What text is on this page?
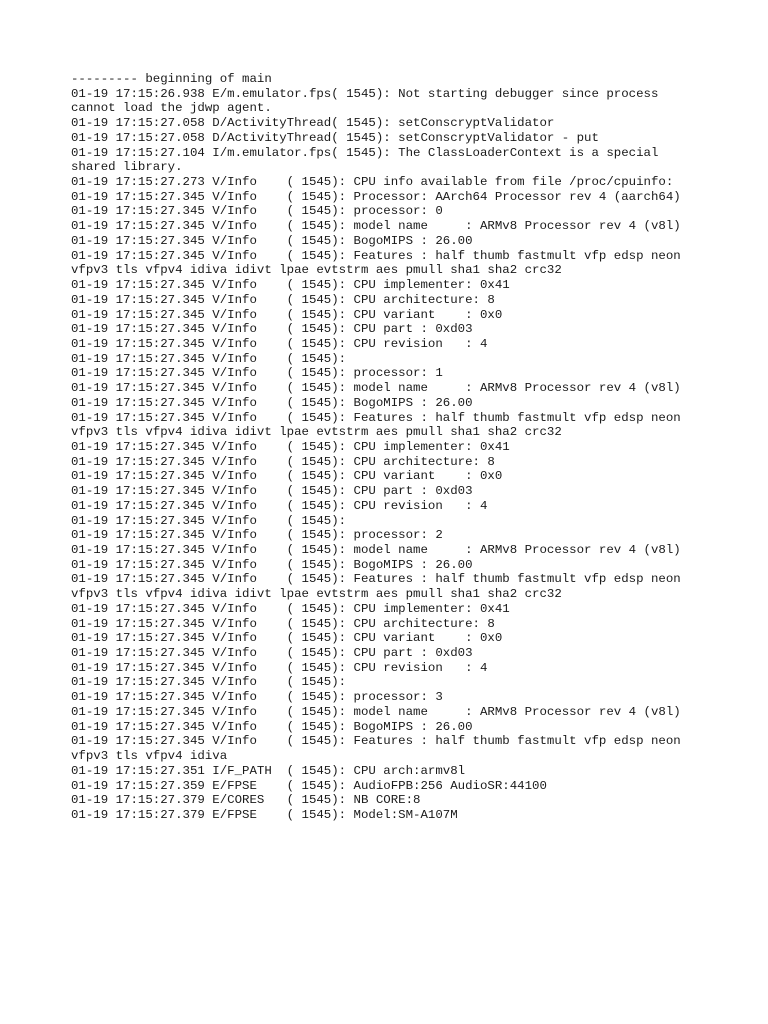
--------- beginning of main
01-19 17:15:26.938 E/m.emulator.fps( 1545): Not starting debugger since process
cannot load the jdwp agent.
01-19 17:15:27.058 D/ActivityThread( 1545): setConscryptValidator
01-19 17:15:27.058 D/ActivityThread( 1545): setConscryptValidator - put
01-19 17:15:27.104 I/m.emulator.fps( 1545): The ClassLoaderContext is a special
shared library.
01-19 17:15:27.273 V/Info    ( 1545): CPU info available from file /proc/cpuinfo:
01-19 17:15:27.345 V/Info    ( 1545): Processor: AArch64 Processor rev 4 (aarch64)
01-19 17:15:27.345 V/Info    ( 1545): processor: 0
01-19 17:15:27.345 V/Info    ( 1545): model name     : ARMv8 Processor rev 4 (v8l)
01-19 17:15:27.345 V/Info    ( 1545): BogoMIPS : 26.00
01-19 17:15:27.345 V/Info    ( 1545): Features : half thumb fastmult vfp edsp neon
vfpv3 tls vfpv4 idiva idivt lpae evtstrm aes pmull sha1 sha2 crc32
01-19 17:15:27.345 V/Info    ( 1545): CPU implementer: 0x41
01-19 17:15:27.345 V/Info    ( 1545): CPU architecture: 8
01-19 17:15:27.345 V/Info    ( 1545): CPU variant    : 0x0
01-19 17:15:27.345 V/Info    ( 1545): CPU part : 0xd03
01-19 17:15:27.345 V/Info    ( 1545): CPU revision   : 4
01-19 17:15:27.345 V/Info    ( 1545):
01-19 17:15:27.345 V/Info    ( 1545): processor: 1
01-19 17:15:27.345 V/Info    ( 1545): model name     : ARMv8 Processor rev 4 (v8l)
01-19 17:15:27.345 V/Info    ( 1545): BogoMIPS : 26.00
01-19 17:15:27.345 V/Info    ( 1545): Features : half thumb fastmult vfp edsp neon
vfpv3 tls vfpv4 idiva idivt lpae evtstrm aes pmull sha1 sha2 crc32
01-19 17:15:27.345 V/Info    ( 1545): CPU implementer: 0x41
01-19 17:15:27.345 V/Info    ( 1545): CPU architecture: 8
01-19 17:15:27.345 V/Info    ( 1545): CPU variant    : 0x0
01-19 17:15:27.345 V/Info    ( 1545): CPU part : 0xd03
01-19 17:15:27.345 V/Info    ( 1545): CPU revision   : 4
01-19 17:15:27.345 V/Info    ( 1545):
01-19 17:15:27.345 V/Info    ( 1545): processor: 2
01-19 17:15:27.345 V/Info    ( 1545): model name     : ARMv8 Processor rev 4 (v8l)
01-19 17:15:27.345 V/Info    ( 1545): BogoMIPS : 26.00
01-19 17:15:27.345 V/Info    ( 1545): Features : half thumb fastmult vfp edsp neon
vfpv3 tls vfpv4 idiva idivt lpae evtstrm aes pmull sha1 sha2 crc32
01-19 17:15:27.345 V/Info    ( 1545): CPU implementer: 0x41
01-19 17:15:27.345 V/Info    ( 1545): CPU architecture: 8
01-19 17:15:27.345 V/Info    ( 1545): CPU variant    : 0x0
01-19 17:15:27.345 V/Info    ( 1545): CPU part : 0xd03
01-19 17:15:27.345 V/Info    ( 1545): CPU revision   : 4
01-19 17:15:27.345 V/Info    ( 1545):
01-19 17:15:27.345 V/Info    ( 1545): processor: 3
01-19 17:15:27.345 V/Info    ( 1545): model name     : ARMv8 Processor rev 4 (v8l)
01-19 17:15:27.345 V/Info    ( 1545): BogoMIPS : 26.00
01-19 17:15:27.345 V/Info    ( 1545): Features : half thumb fastmult vfp edsp neon
vfpv3 tls vfpv4 idiva
01-19 17:15:27.351 I/F_PATH  ( 1545): CPU arch:armv8l
01-19 17:15:27.359 E/FPSE    ( 1545): AudioFPB:256 AudioSR:44100
01-19 17:15:27.379 E/CORES   ( 1545): NB CORE:8
01-19 17:15:27.379 E/FPSE    ( 1545): Model:SM-A107M
